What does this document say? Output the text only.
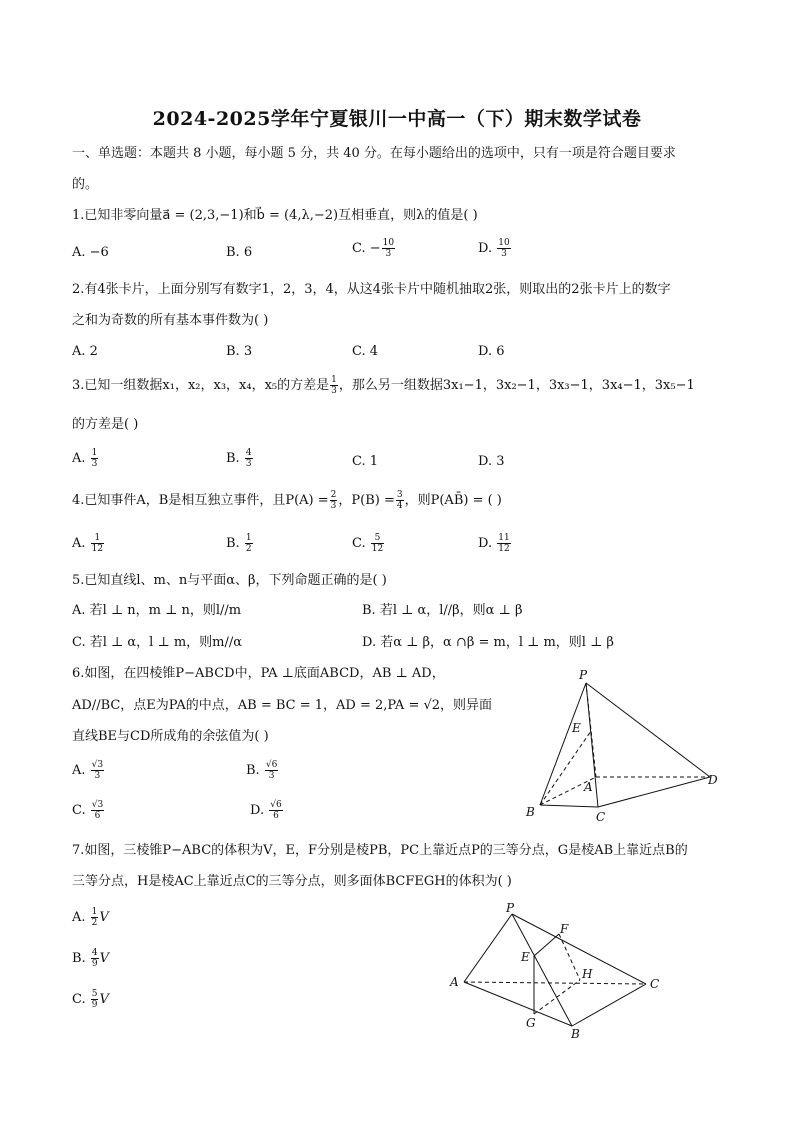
2024-2025学年宁夏银川一中高一（下）期末数学试卷
一、单选题：本题共 8 小题，每小题 5 分，共 40 分。在每小题给出的选项中，只有一项是符合题目要求
的。
1.已知非零向量a⃗ = (2,3,−1)和b⃗ = (4,λ,−2)互相垂直，则λ的值是( )
A. −6	B. 6	C. − $\frac{10}{3}$	D. $\frac{10}{3}$
2.有4张卡片，上面分别写有数字1，2，3，4，从这4张卡片中随机抽取2张，则取出的2张卡片上的数字
之和为奇数的所有基本事件数为( )
A. 2	B. 3	C. 4	D. 6
3.已知一组数据x₁，x₂，x₃，x₄，x₅的方差是 $\frac{1}{3}$ ，那么另一组数据3x₁−1，3x₂−1，3x₃−1，3x₄−1，3x₅−1
的方差是( )
A. $\frac{1}{3}$	B. $\frac{4}{3}$	C. 1	D. 3
4.已知事件A，B是相互独立事件，且$P(A) = \frac{2}{3}$ ，$P(B) = \frac{3}{4}$ ，则P(AB̄) = ( )
A. $\frac{1}{12}$	B. $\frac{1}{2}$	C. $\frac{5}{12}$	D. $\frac{11}{12}$
5.已知直线l、m、n与平面α、β，下列命题正确的是( )
A. 若l ⊥ n，m ⊥ n，则l//m	B. 若l ⊥ α，l//β，则α ⊥ β
C. 若l ⊥ α，l ⊥ m，则m//α	D. 若α ⊥ β，α ∩β = m，l ⊥ m，则l ⊥ β
6.如图，在四棱锥P−ABCD中，PA ⊥底面ABCD，AB ⊥ AD，
AD//BC，点E为PA的中点，AB = BC = 1，AD = 2,PA = √2，则异面
直线BE与CD所成角的余弦值为( )
A. $\frac{√3}{3}$	B. $\frac{√6}{3}$
C. $\frac{√3}{6}$	D. $\frac{√6}{6}$
P
E
A
B	C
D
7.如图，三棱锥P−ABC的体积为V，E，F分别是棱PB，PC上靠近点P的三等分点，G是棱AB上靠近点B的
三等分点，H是棱AC上靠近点C的三等分点，则多面体BCFEGH的体积为( )
A. $\frac{1}{2}$ V
B. $\frac{4}{9}$ V
C. $\frac{5}{9}$ V
P
F
E
H
A	C
G
B
